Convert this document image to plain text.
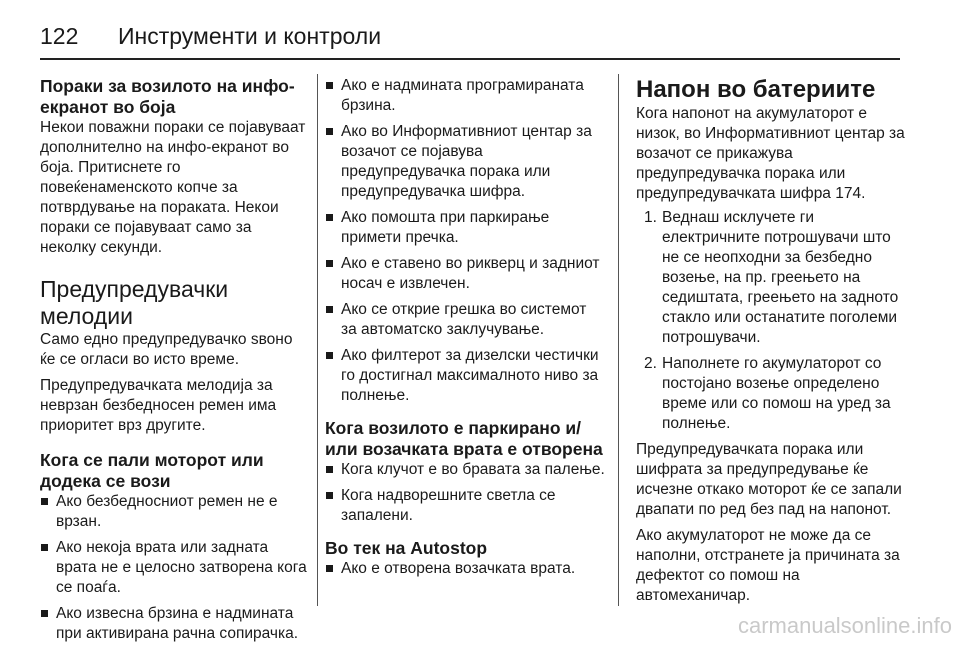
122	Инструменти и контроли
Пораки за возилото на инфо-екранот во боја

Некои поважни пораки се појавуваат дополнително на инфо-екранот во боја. Притиснете го повеќенаменското копче за потврдување на пораката. Некои пораки се појавуваат само за неколку секунди.

Предупредувачки мелодии

Само едно предупредувачко ѕвоно ќе се огласи во исто време.

Предупредувачката мелодија за неврзан безбедносен ремен има приоритет врз другите.

Кога се пали моторот или додека се вози
Ако безбедносниот ремен не е врзан.
Ако некоја врата или задната врата не е целосно затворена кога се поаѓа.
Ако извесна брзина е надмината при активирана рачна сопирачка.
Ако е надмината програмираната брзина.
Ако во Информативниот центар за возачот се појавува предупредувачка порака или предупредувачка шифра.
Ако помошта при паркирање примети пречка.
Ако е ставено во рикверц и задниот носач е извлечен.
Ако се открие грешка во системот за автоматско заклучување.
Ако филтерот за дизелски честички го достигнал максималното ниво за полнење.
Кога возилото е паркирано и/или возачката врата е отворена
Кога клучот е во бравата за палење.
Кога надворешните светла се запалени.
Во тек на Autostop
Ако е отворена возачката врата.
Напон во батериите

Кога напонот на акумулаторот е низок, во Информативниот центар за возачот се прикажува предупредувачка порака или предупредувачката шифра 174.

1. Веднаш исклучете ги електричните потрошувачи што не се неопходни за безбедно возење, на пр. греењето на седиштата, греењето на задното стакло или останатите поголеми потрошувачи.
2. Наполнете го акумулаторот со постојано возење определено време или со помош на уред за полнење.

Предупредувачката порака или шифрата за предупредување ќе исчезне откако моторот ќе се запали двапати по ред без пад на напонот.

Ако акумулаторот не може да се наполни, отстранете ја причината за дефектот со помош на автомеханичар.

carmanualsonline.info
